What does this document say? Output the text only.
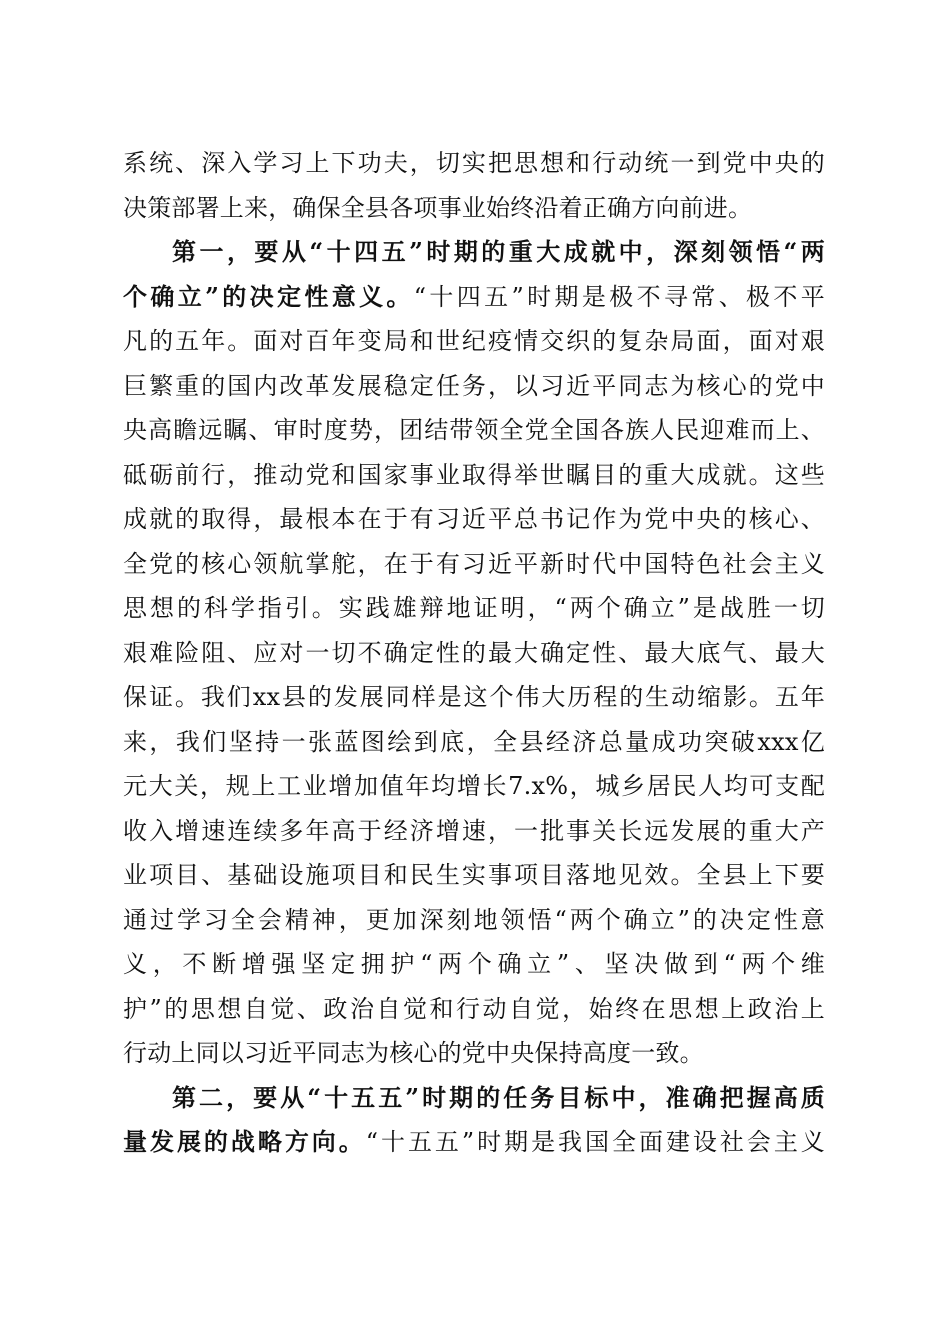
系统、深入学习上下功夫，切实把思想和行动统一到党中央的
决策部署上来，确保全县各项事业始终沿着正确方向前进。
第一，要从“十四五”时期的重大成就中，深刻领悟“两
个确立”的决定性意义。“十四五”时期是极不寻常、极不平
凡的五年。面对百年变局和世纪疫情交织的复杂局面，面对艰
巨繁重的国内改革发展稳定任务，以习近平同志为核心的党中
央高瞻远瞩、审时度势，团结带领全党全国各族人民迎难而上、
砥砺前行，推动党和国家事业取得举世瞩目的重大成就。这些
成就的取得，最根本在于有习近平总书记作为党中央的核心、
全党的核心领航掌舵，在于有习近平新时代中国特色社会主义
思想的科学指引。实践雄辩地证明，“两个确立”是战胜一切
艰难险阻、应对一切不确定性的最大确定性、最大底气、最大
保证。我们xx县的发展同样是这个伟大历程的生动缩影。五年
来，我们坚持一张蓝图绘到底，全县经济总量成功突破xxx亿
元大关，规上工业增加值年均增长7.x%，城乡居民人均可支配
收入增速连续多年高于经济增速，一批事关长远发展的重大产
业项目、基础设施项目和民生实事项目落地见效。全县上下要
通过学习全会精神，更加深刻地领悟“两个确立”的决定性意
义，不断增强坚定拥护“两个确立”、坚决做到“两个维
护”的思想自觉、政治自觉和行动自觉，始终在思想上政治上
行动上同以习近平同志为核心的党中央保持高度一致。
第二，要从“十五五”时期的任务目标中，准确把握高质
量发展的战略方向。“十五五”时期是我国全面建设社会主义
